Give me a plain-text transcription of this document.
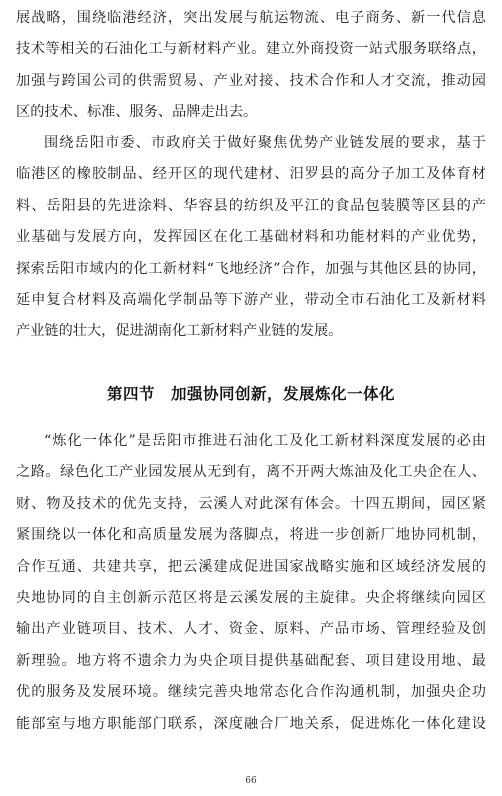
展战略，围绕临港经济，突出发展与航运物流、电子商务、新一代信息
技术等相关的石油化工与新材料产业。建立外商投资一站式服务联络点，
加强与跨国公司的供需贸易、产业对接、技术合作和人才交流，推动园
区的技术、标准、服务、品牌走出去。
围绕岳阳市委、市政府关于做好聚焦优势产业链发展的要求，基于
临港区的橡胶制品、经开区的现代建材、汨罗县的高分子加工及体育材
料、岳阳县的先进涂料、华容县的纺织及平江的食品包装膜等区县的产
业基础与发展方向，发挥园区在化工基础材料和功能材料的产业优势，
探索岳阳市域内的化工新材料“飞地经济”合作，加强与其他区县的协同，
延申复合材料及高端化学制品等下游产业，带动全市石油化工及新材料
产业链的壮大，促进湖南化工新材料产业链的发展。
第四节　加强协同创新，发展炼化一体化
“炼化一体化”是岳阳市推进石油化工及化工新材料深度发展的必由
之路。绿色化工产业园发展从无到有，离不开两大炼油及化工央企在人、
财、物及技术的优先支持，云溪人对此深有体会。十四五期间，园区紧
紧围绕以一体化和高质量发展为落脚点，将进一步创新厂地协同机制，
合作互通、共建共享，把云溪建成促进国家战略实施和区域经济发展的
央地协同的自主创新示范区将是云溪发展的主旋律。央企将继续向园区
输出产业链项目、技术、人才、资金、原料、产品市场、管理经验及创
新理验。地方将不遗余力为央企项目提供基础配套、项目建设用地、最
优的服务及发展环境。继续完善央地常态化合作沟通机制，加强央企功
能部室与地方职能部门联系，深度融合厂地关系，促进炼化一体化建设
66
